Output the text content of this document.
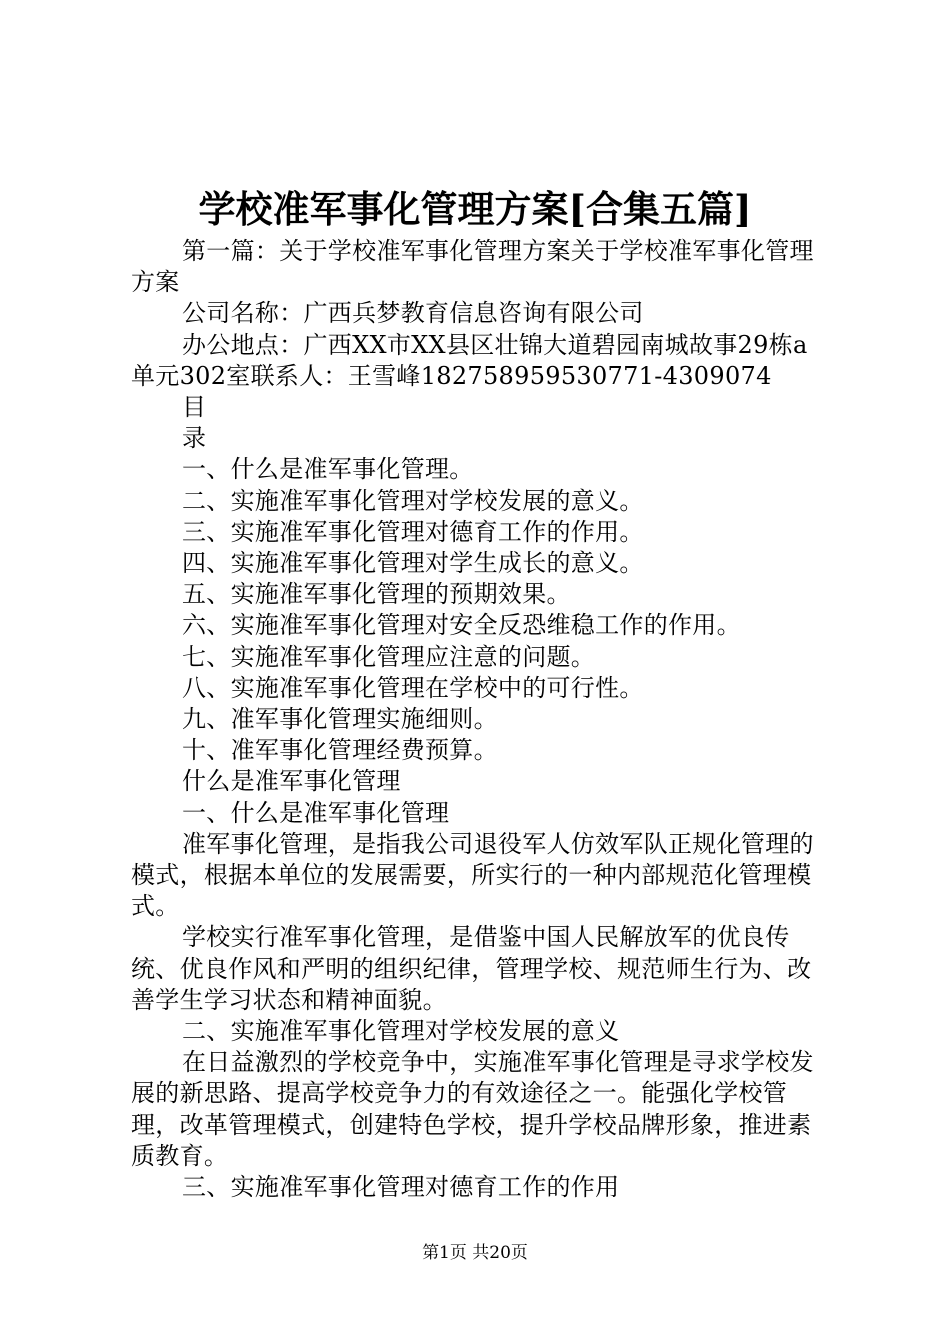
学校准军事化管理方案[合集五篇]

第一篇：关于学校准军事化管理方案关于学校准军事化管理方案

公司名称：广西兵梦教育信息咨询有限公司

办公地点：广西XX市XX县区壮锦大道碧园南城故事29栋a单元302室联系人：王雪峰182758959530771-4309074

目

录

一、什么是准军事化管理。

二、实施准军事化管理对学校发展的意义。

三、实施准军事化管理对德育工作的作用。

四、实施准军事化管理对学生成长的意义。

五、实施准军事化管理的预期效果。

六、实施准军事化管理对安全反恐维稳工作的作用。

七、实施准军事化管理应注意的问题。

八、实施准军事化管理在学校中的可行性。

九、准军事化管理实施细则。

十、准军事化管理经费预算。

什么是准军事化管理

一、什么是准军事化管理

准军事化管理，是指我公司退役军人仿效军队正规化管理的模式，根据本单位的发展需要，所实行的一种内部规范化管理模式。

学校实行准军事化管理，是借鉴中国人民解放军的优良传统、优良作风和严明的组织纪律，管理学校、规范师生行为、改善学生学习状态和精神面貌。

二、实施准军事化管理对学校发展的意义

在日益激烈的学校竞争中，实施准军事化管理是寻求学校发展的新思路、提高学校竞争力的有效途径之一。能强化学校管理，改革管理模式，创建特色学校，提升学校品牌形象，推进素质教育。

三、实施准军事化管理对德育工作的作用

第1页 共20页
